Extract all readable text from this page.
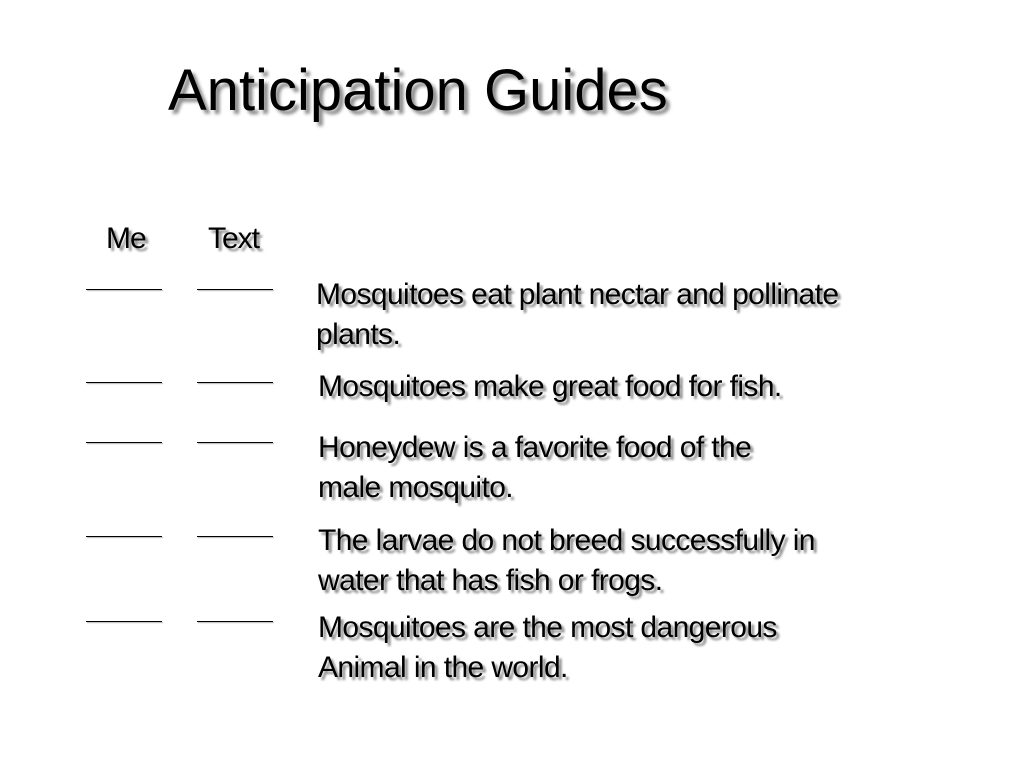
Anticipation Guides
Me Text
Mosquitoes eat plant nectar and pollinate
plants.
Mosquitoes make great food for fish.
Honeydew is a favorite food of the
male mosquito.
The larvae do not breed successfully in
water that has fish or frogs.
Mosquitoes are the most dangerous
Animal in the world.
